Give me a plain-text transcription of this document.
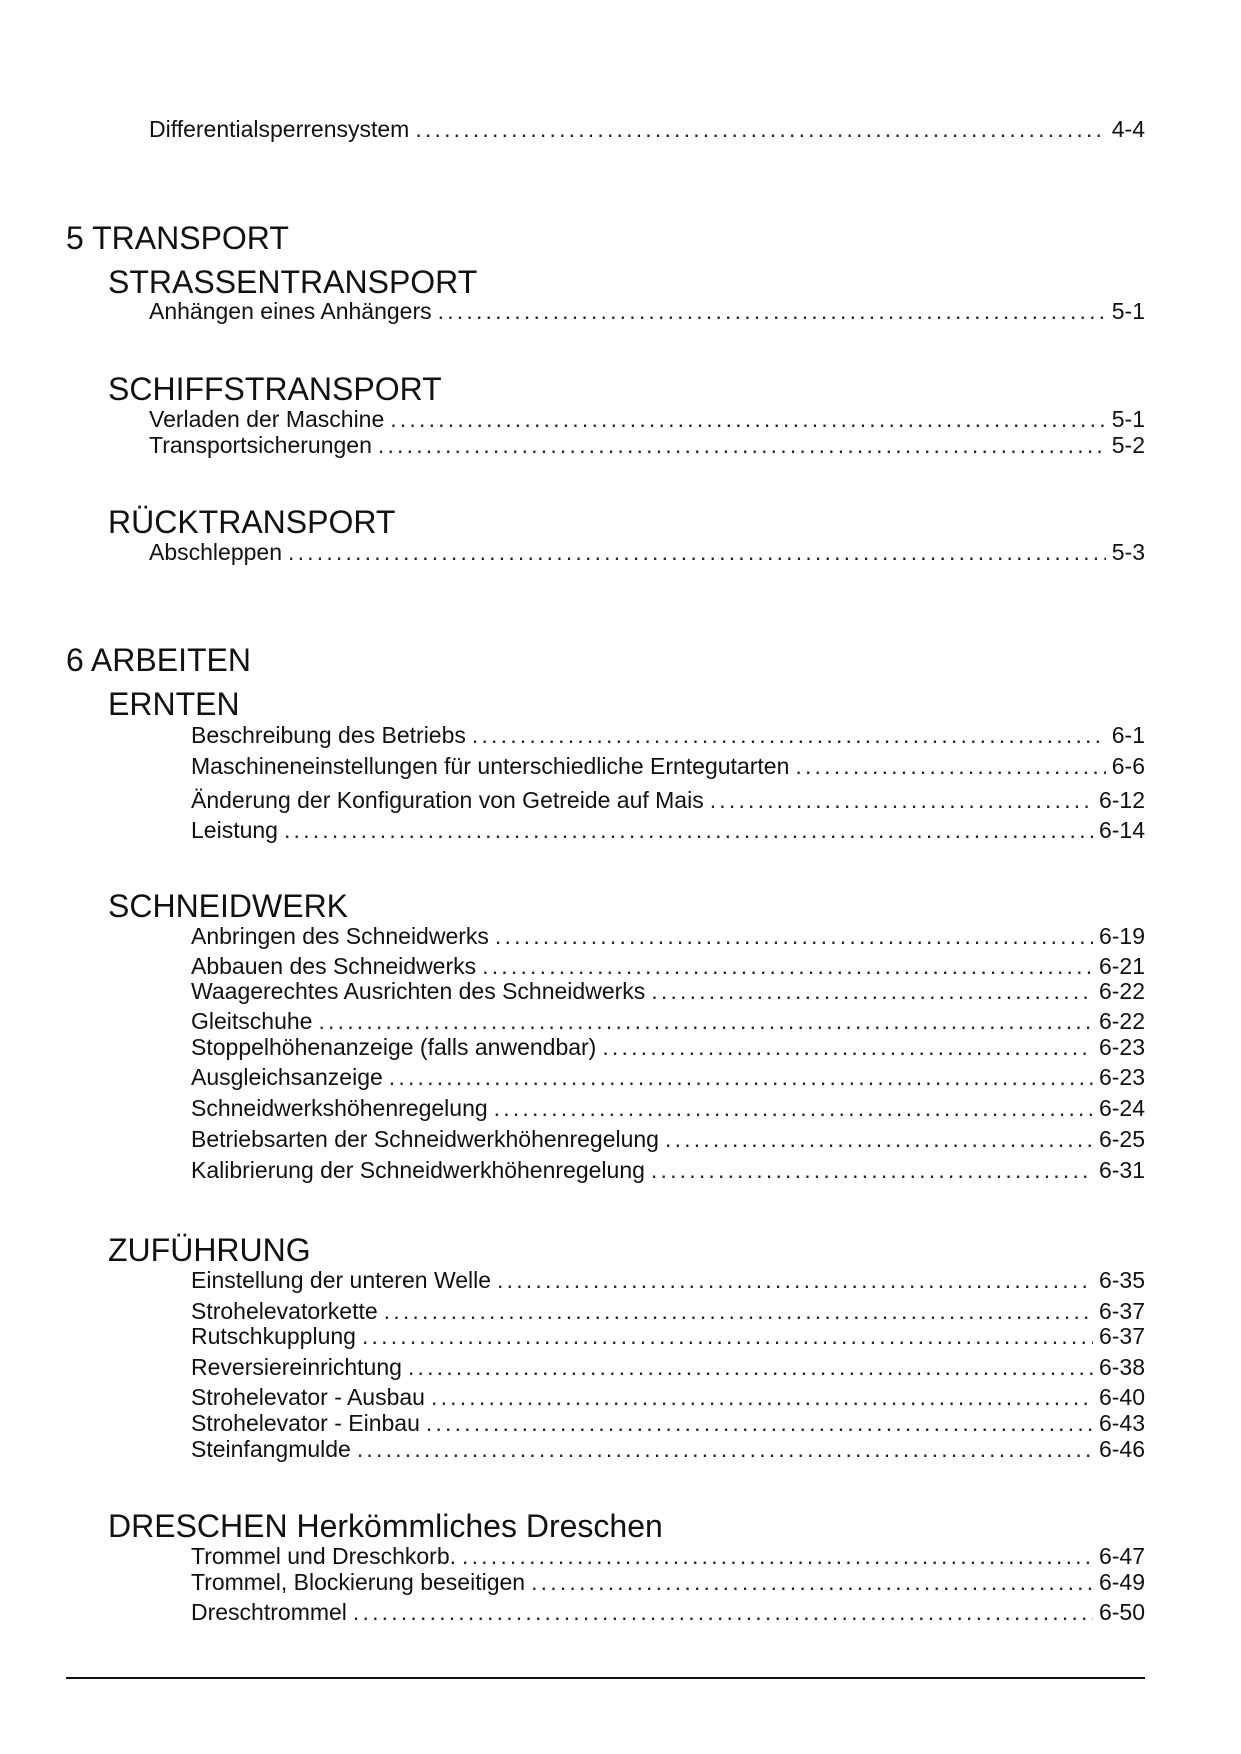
Differentialsperrensystem . . .	4-4
5 TRANSPORT
STRASSENTRANSPORT
Anhängen eines Anhängers . . .	5-1
SCHIFFSTRANSPORT
Verladen der Maschine . . .	5-1
Transportsicherungen . . .	5-2
RÜCKTRANSPORT
Abschleppen . . .	5-3
6 ARBEITEN
ERNTEN
Beschreibung des Betriebs . . .	6-1
Maschineneinstellungen für unterschiedliche Erntegutarten . . .	6-6
Änderung der Konfiguration von Getreide auf Mais . . .	6-12
Leistung . . .	6-14
SCHNEIDWERK
Anbringen des Schneidwerks . . .	6-19
Abbauen des Schneidwerks . . .	6-21
Waagerechtes Ausrichten des Schneidwerks . . .	6-22
Gleitschuhe . . .	6-22
Stoppelhöhenanzeige (falls anwendbar) . . .	6-23
Ausgleichsanzeige . . .	6-23
Schneidwerkshöhenregelung . . .	6-24
Betriebsarten der Schneidwerkhöhenregelung . . .	6-25
Kalibrierung der Schneidwerkhöhenregelung . . .	6-31
ZUFÜHRUNG
Einstellung der unteren Welle . . .	6-35
Strohelevatorkette . . .	6-37
Rutschkupplung . . .	6-37
Reversiereinrichtung . . .	6-38
Strohelevator - Ausbau . . .	6-40
Strohelevator - Einbau . . .	6-43
Steinfangmulde . . .	6-46
DRESCHEN Herkömmliches Dreschen
Trommel und Dreschkorb. . . .	6-47
Trommel, Blockierung beseitigen . . .	6-49
Dreschtrommel . . .	6-50
